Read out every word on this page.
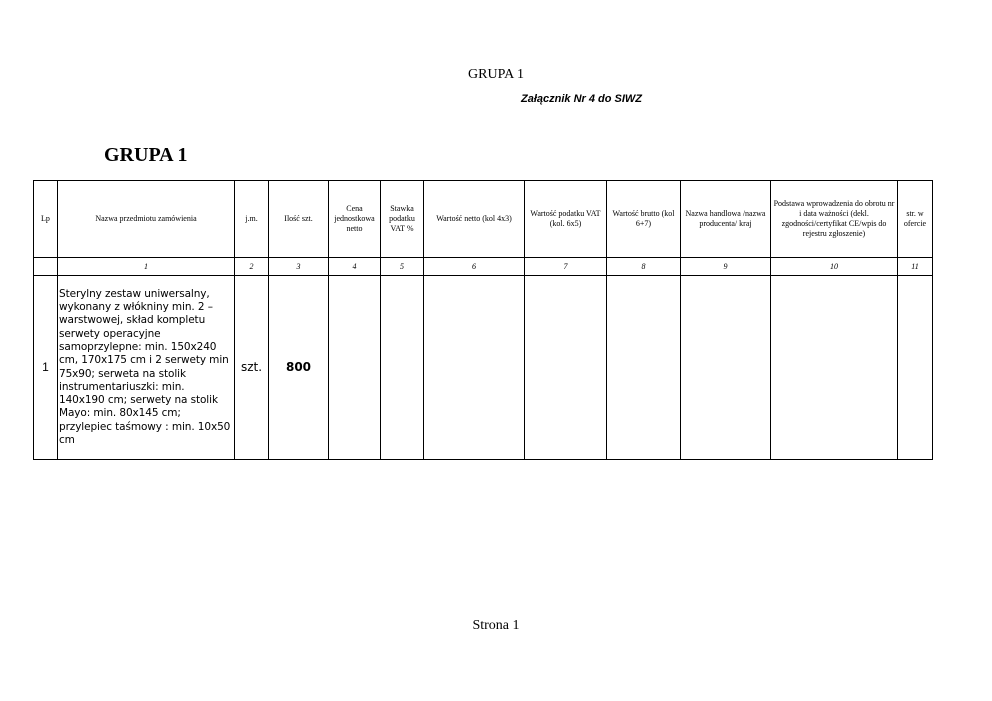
GRUPA 1
Załącznik Nr 4 do SIWZ
GRUPA 1
Lp	Nazwa przedmiotu zamówienia	j.m.	Ilość szt.	Cena jednostkowa netto	Stawka podatku VAT %	Wartość netto (kol 4x3)	Wartość podatku VAT (kol. 6x5)	Wartość brutto (kol 6+7)	Nazwa handlowa /nazwa producenta/ kraj	Podstawa wprowadzenia do obrotu nr i data ważności (dekl. zgodności/certyfikat CE/wpis do rejestru zgłoszenie)	str. w ofercie
	1	2	3	4	5	6	7	8	9	10	11
1	Sterylny zestaw uniwersalny, wykonany z włókniny min. 2 – warstwowej, skład kompletu serwety operacyjne samoprzylepne: min. 150x240 cm, 170x175 cm i 2 serwety min 75x90; serweta na stolik instrumentariuszki: min. 140x190 cm; serwety na stolik Mayo: min. 80x145 cm; przylepiec taśmowy : min. 10x50 cm	szt.	800								
Strona 1
